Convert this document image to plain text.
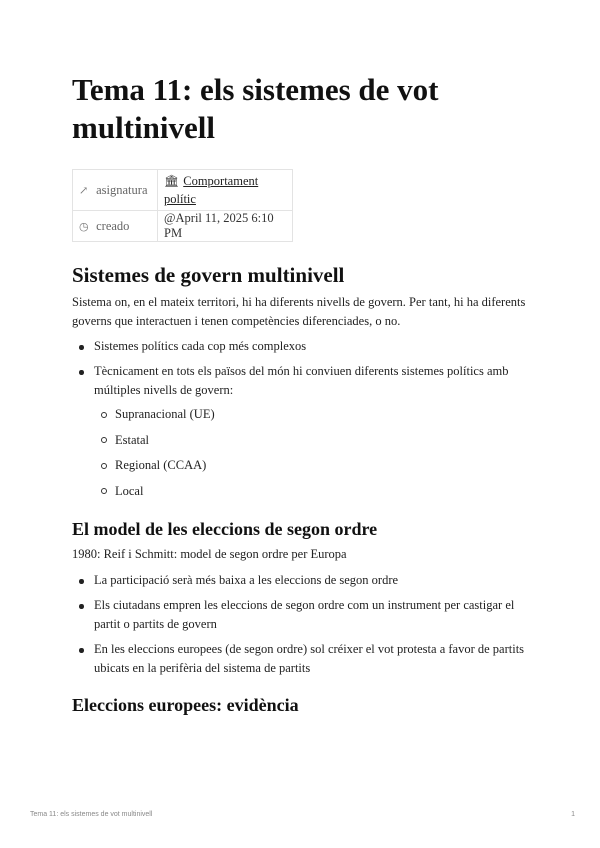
Tema 11: els sistemes de vot multinivell
↗ asignatura	🏛 Comportament polític
◷ creado	@April 11, 2025 6:10 PM
Sistemes de govern multinivell

Sistema on, en el mateix territori, hi ha diferents nivells de govern. Per tant, hi ha diferents governs que interactuen i tenen competències diferenciades, o no.

Sistemes polítics cada cop més complexos
Tècnicament en tots els països del món hi conviuen diferents sistemes polítics amb múltiples nivells de govern:
Supranacional (UE)
Estatal
Regional (CCAA)
Local
El model de les eleccions de segon ordre

1980: Reif i Schmitt: model de segon ordre per Europa

La participació serà més baixa a les eleccions de segon ordre
Els ciutadans empren les eleccions de segon ordre com un instrument per castigar el partit o partits de govern
En les eleccions europees (de segon ordre) sol créixer el vot protesta a favor de partits ubicats en la perifèria del sistema de partits
Eleccions europees: evidència
Tema 11: els sistemes de vot multinivell	1
